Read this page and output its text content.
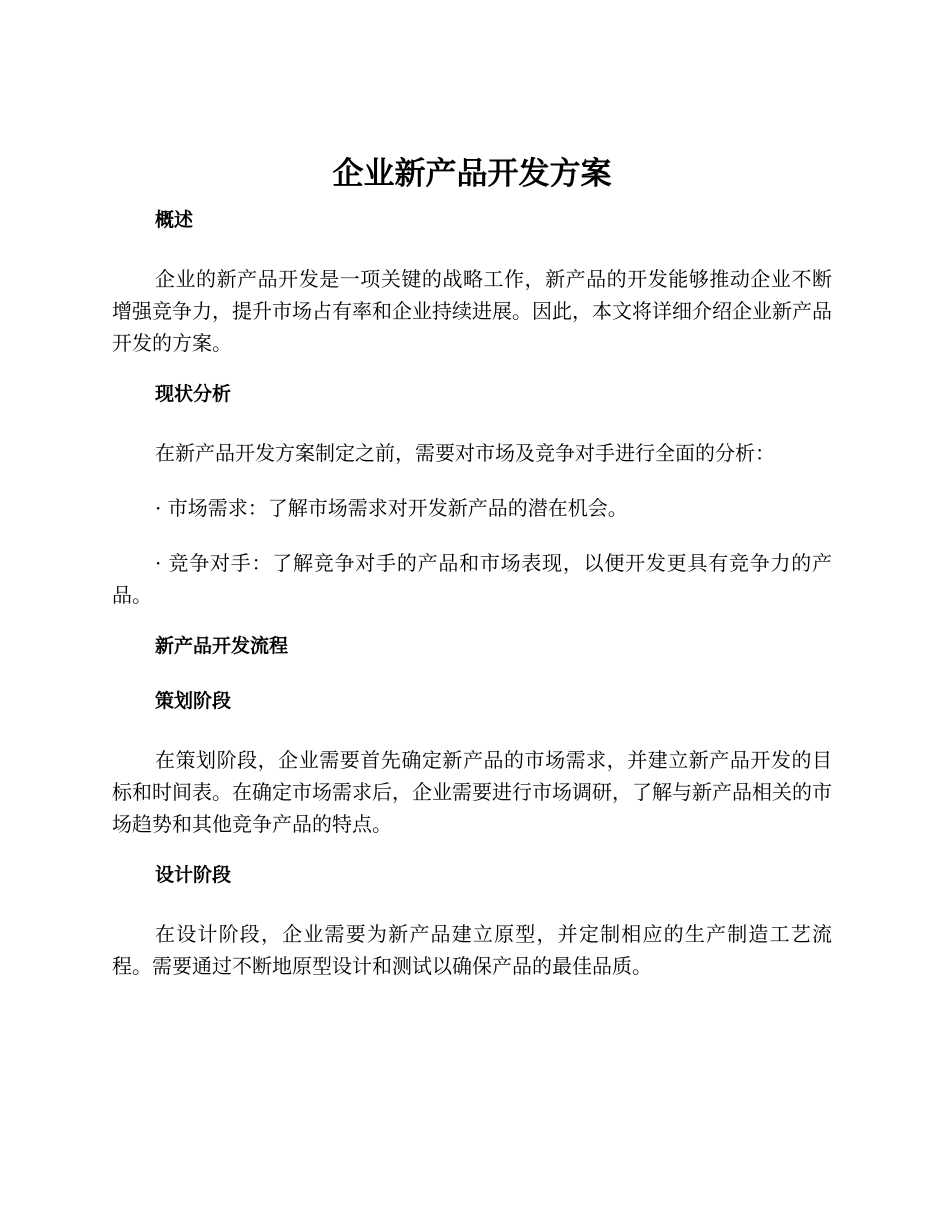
企业新产品开发方案
概述

企业的新产品开发是一项关键的战略工作，新产品的开发能够推动企业不断增强竞争力，提升市场占有率和企业持续进展。因此，本文将详细介绍企业新产品开发的方案。

现状分析

在新产品开发方案制定之前，需要对市场及竞争对手进行全面的分析：

· 市场需求：了解市场需求对开发新产品的潜在机会。

· 竞争对手：了解竞争对手的产品和市场表现，以便开发更具有竞争力的产品。

新产品开发流程
策划阶段

在策划阶段，企业需要首先确定新产品的市场需求，并建立新产品开发的目标和时间表。在确定市场需求后，企业需要进行市场调研，了解与新产品相关的市场趋势和其他竞争产品的特点。

设计阶段

在设计阶段，企业需要为新产品建立原型，并定制相应的生产制造工艺流程。需要通过不断地原型设计和测试以确保产品的最佳品质。
